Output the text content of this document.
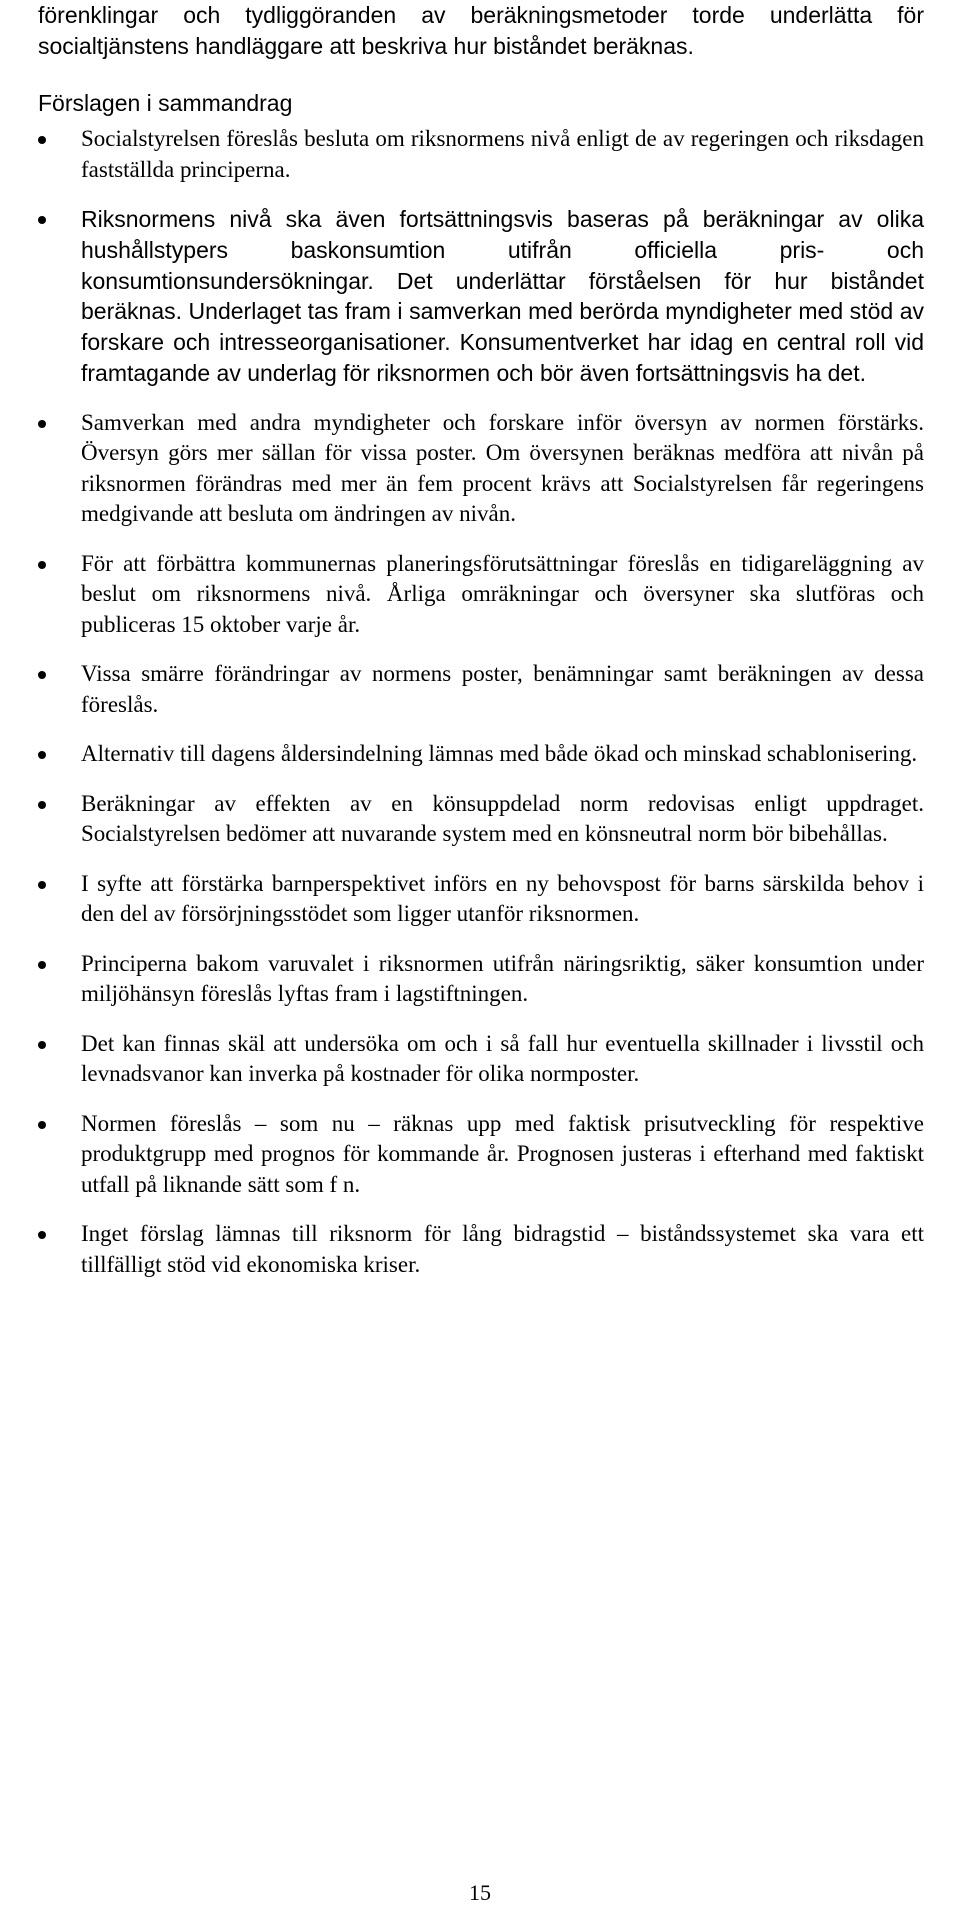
förenklingar och tydliggöranden av beräkningsmetoder torde underlätta för socialtjänstens handläggare att beskriva hur biståndet beräknas.

Förslagen i sammandrag
Socialstyrelsen föreslås besluta om riksnormens nivå enligt de av regeringen och riksdagen fastställda principerna.
Riksnormens nivå ska även fortsättningsvis baseras på beräkningar av olika hushållstypers baskonsumtion utifrån officiella pris- och konsumtionsundersökningar. Det underlättar förståelsen för hur biståndet beräknas. Underlaget tas fram i samverkan med berörda myndigheter med stöd av forskare och intresseorganisationer. Konsumentverket har idag en central roll vid framtagande av underlag för riksnormen och bör även fortsättningsvis ha det.
Samverkan med andra myndigheter och forskare inför översyn av normen förstärks. Översyn görs mer sällan för vissa poster. Om översynen beräknas medföra att nivån på riksnormen förändras med mer än fem procent krävs att Socialstyrelsen får regeringens medgivande att besluta om ändringen av nivån.
För att förbättra kommunernas planeringsförutsättningar föreslås en tidigareläggning av beslut om riksnormens nivå. Årliga omräkningar och översyner ska slutföras och publiceras 15 oktober varje år.
Vissa smärre förändringar av normens poster, benämningar samt beräkningen av dessa föreslås.
Alternativ till dagens åldersindelning lämnas med både ökad och minskad schablonisering.
Beräkningar av effekten av en könsuppdelad norm redovisas enligt uppdraget. Socialstyrelsen bedömer att nuvarande system med en könsneutral norm bör bibehållas.
I syfte att förstärka barnperspektivet införs en ny behovspost för barns särskilda behov i den del av försörjningsstödet som ligger utanför riksnormen.
Principerna bakom varuvalet i riksnormen utifrån näringsriktig, säker konsumtion under miljöhänsyn föreslås lyftas fram i lagstiftningen.
Det kan finnas skäl att undersöka om och i så fall hur eventuella skillnader i livsstil och levnadsvanor kan inverka på kostnader för olika normposter.
Normen föreslås – som nu – räknas upp med faktisk prisutveckling för respektive produktgrupp med prognos för kommande år. Prognosen justeras i efterhand med faktiskt utfall på liknande sätt som f n.
Inget förslag lämnas till riksnorm för lång bidragstid – biståndssystemet ska vara ett tillfälligt stöd vid ekonomiska kriser.
15
